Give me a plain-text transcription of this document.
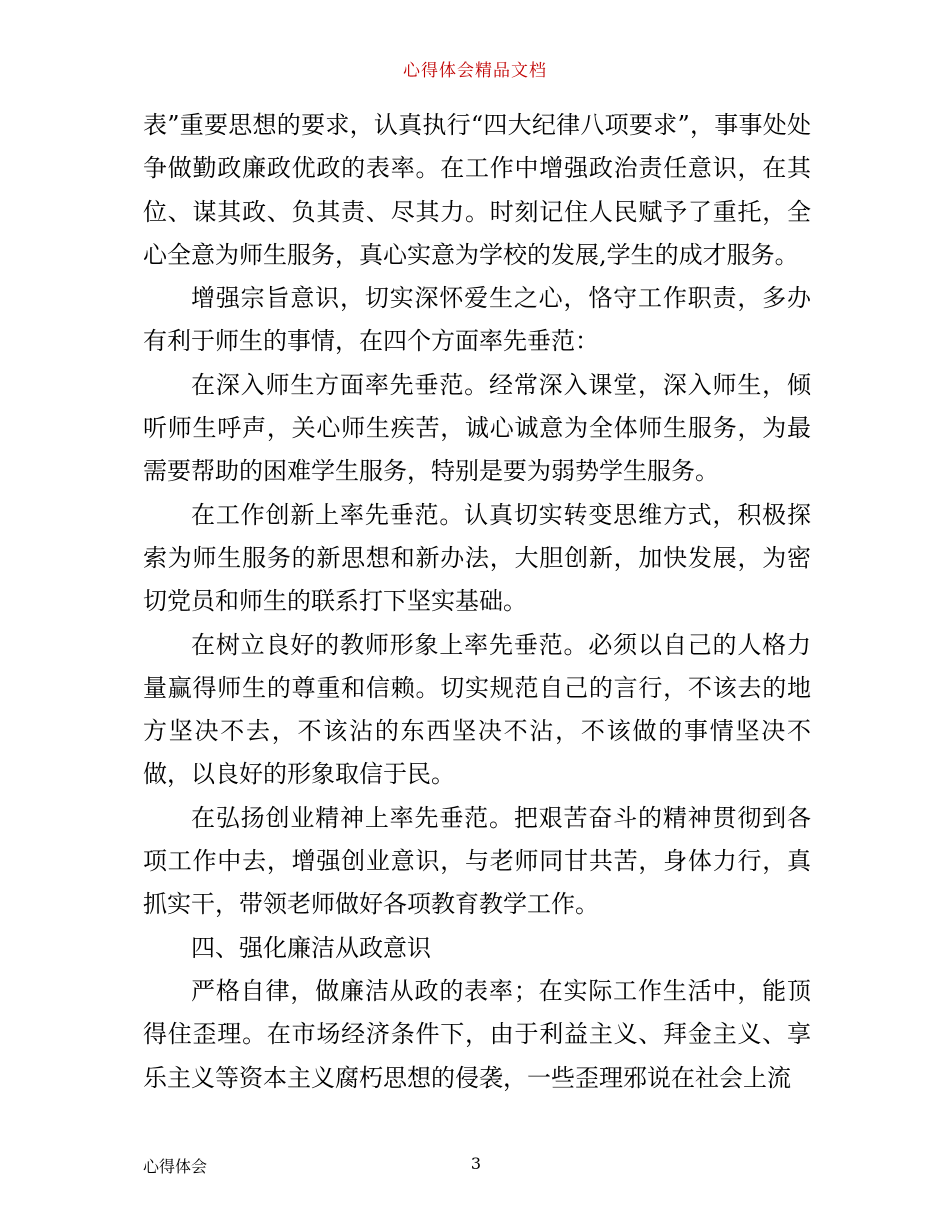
心得体会精品文档

表”重要思想的要求，认真执行“四大纪律八项要求”，事事处处争做勤政廉政优政的表率。在工作中增强政治责任意识，在其位、谋其政、负其责、尽其力。时刻记住人民赋予了重托，全心全意为师生服务，真心实意为学校的发展,学生的成才服务。

增强宗旨意识，切实深怀爱生之心，恪守工作职责，多办有利于师生的事情，在四个方面率先垂范：

在深入师生方面率先垂范。经常深入课堂，深入师生，倾听师生呼声，关心师生疾苦，诚心诚意为全体师生服务，为最需要帮助的困难学生服务，特别是要为弱势学生服务。

在工作创新上率先垂范。认真切实转变思维方式，积极探索为师生服务的新思想和新办法，大胆创新，加快发展，为密切党员和师生的联系打下坚实基础。

在树立良好的教师形象上率先垂范。必须以自己的人格力量赢得师生的尊重和信赖。切实规范自己的言行，不该去的地方坚决不去，不该沾的东西坚决不沾，不该做的事情坚决不做，以良好的形象取信于民。

在弘扬创业精神上率先垂范。把艰苦奋斗的精神贯彻到各项工作中去，增强创业意识，与老师同甘共苦，身体力行，真抓实干，带领老师做好各项教育教学工作。

四、强化廉洁从政意识

严格自律，做廉洁从政的表率；在实际工作生活中，能顶得住歪理。在市场经济条件下，由于利益主义、拜金主义、享乐主义等资本主义腐朽思想的侵袭，一些歪理邪说在社会上流

心得体会	3
